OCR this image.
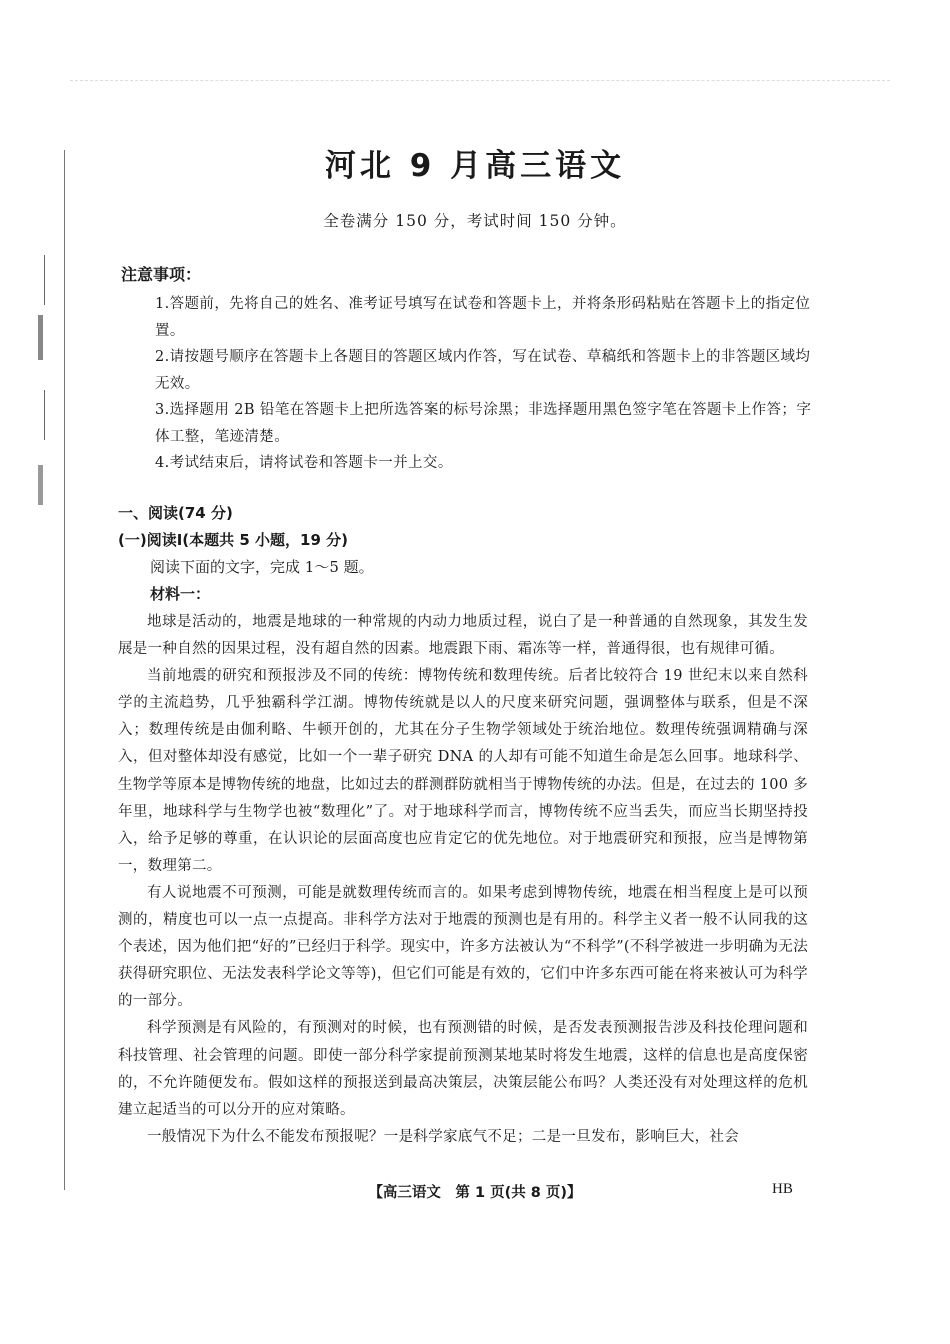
河北 9 月高三语文
全卷满分 150 分，考试时间 150 分钟。
注意事项：
1.答题前，先将自己的姓名、准考证号填写在试卷和答题卡上，并将条形码粘贴在答题卡上的指定位置。
2.请按题号顺序在答题卡上各题目的答题区域内作答，写在试卷、草稿纸和答题卡上的非答题区域均无效。
3.选择题用 2B 铅笔在答题卡上把所选答案的标号涂黑；非选择题用黑色签字笔在答题卡上作答；字体工整，笔迹清楚。
4.考试结束后，请将试卷和答题卡一并上交。
一、阅读(74 分)
(一)阅读Ⅰ(本题共 5 小题，19 分)
阅读下面的文字，完成 1～5 题。
材料一：

地球是活动的，地震是地球的一种常规的内动力地质过程，说白了是一种普通的自然现象，其发生发展是一种自然的因果过程，没有超自然的因素。地震跟下雨、霜冻等一样，普通得很，也有规律可循。

当前地震的研究和预报涉及不同的传统：博物传统和数理传统。后者比较符合 19 世纪末以来自然科学的主流趋势，几乎独霸科学江湖。博物传统就是以人的尺度来研究问题，强调整体与联系，但是不深入；数理传统是由伽利略、牛顿开创的，尤其在分子生物学领域处于统治地位。数理传统强调精确与深入，但对整体却没有感觉，比如一个一辈子研究 DNA 的人却有可能不知道生命是怎么回事。地球科学、生物学等原本是博物传统的地盘，比如过去的群测群防就相当于博物传统的办法。但是，在过去的 100 多年里，地球科学与生物学也被“数理化”了。对于地球科学而言，博物传统不应当丢失，而应当长期坚持投入，给予足够的尊重，在认识论的层面高度也应肯定它的优先地位。对于地震研究和预报，应当是博物第一，数理第二。

有人说地震不可预测，可能是就数理传统而言的。如果考虑到博物传统，地震在相当程度上是可以预测的，精度也可以一点一点提高。非科学方法对于地震的预测也是有用的。科学主义者一般不认同我的这个表述，因为他们把“好的”已经归于科学。现实中，许多方法被认为“不科学”(不科学被进一步明确为无法获得研究职位、无法发表科学论文等等)，但它们可能是有效的，它们中许多东西可能在将来被认可为科学的一部分。

科学预测是有风险的，有预测对的时候，也有预测错的时候，是否发表预测报告涉及科技伦理问题和科技管理、社会管理的问题。即使一部分科学家提前预测某地某时将发生地震，这样的信息也是高度保密的，不允许随便发布。假如这样的预报送到最高决策层，决策层能公布吗？人类还没有对处理这样的危机建立起适当的可以分开的应对策略。

一般情况下为什么不能发布预报呢？一是科学家底气不足；二是一旦发布，影响巨大，社会

【高三语文　第 1 页(共 8 页)】	HB
